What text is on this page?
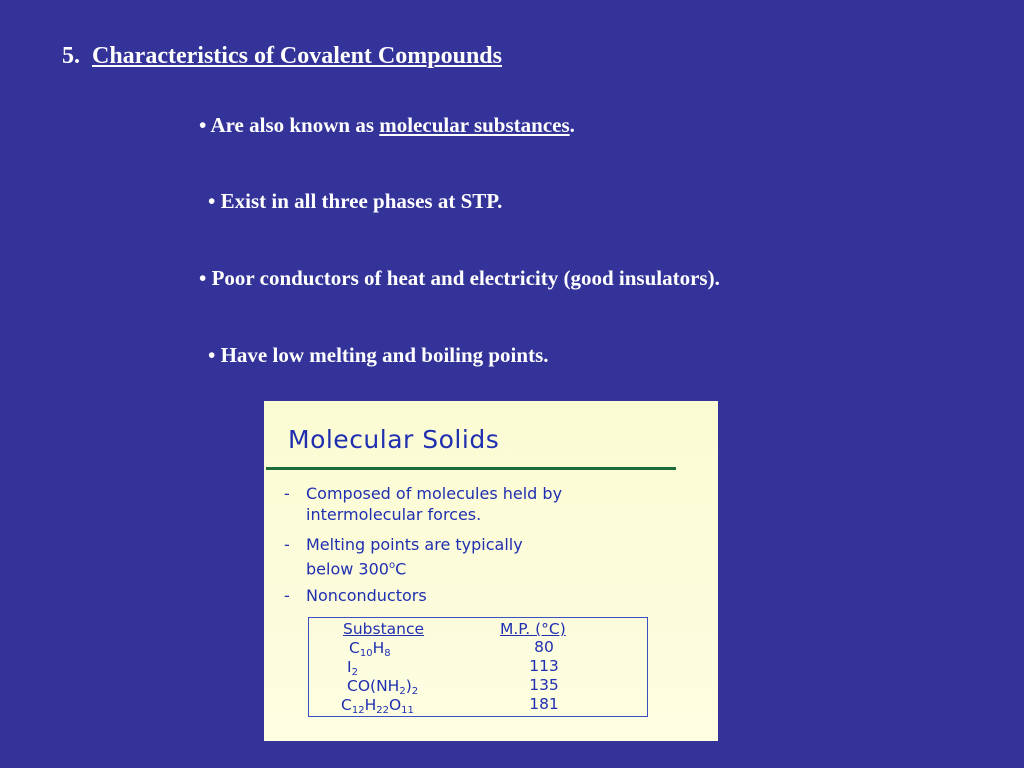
5. Characteristics of Covalent Compounds
• Are also known as molecular substances.
• Exist in all three phases at STP.
• Poor conductors of heat and electricity (good insulators).
• Have low melting and boiling points.
Molecular Solids
- Composed of molecules held by
intermolecular forces.
- Melting points are typically
below 300$^o$C
- Nonconductors
Substance	M.P. (°C)
$C_{10}H_8$	80
$I_2$	113
$CO(NH_2)_2$	135
$C_{12}H_{22}O_{11}$	181
